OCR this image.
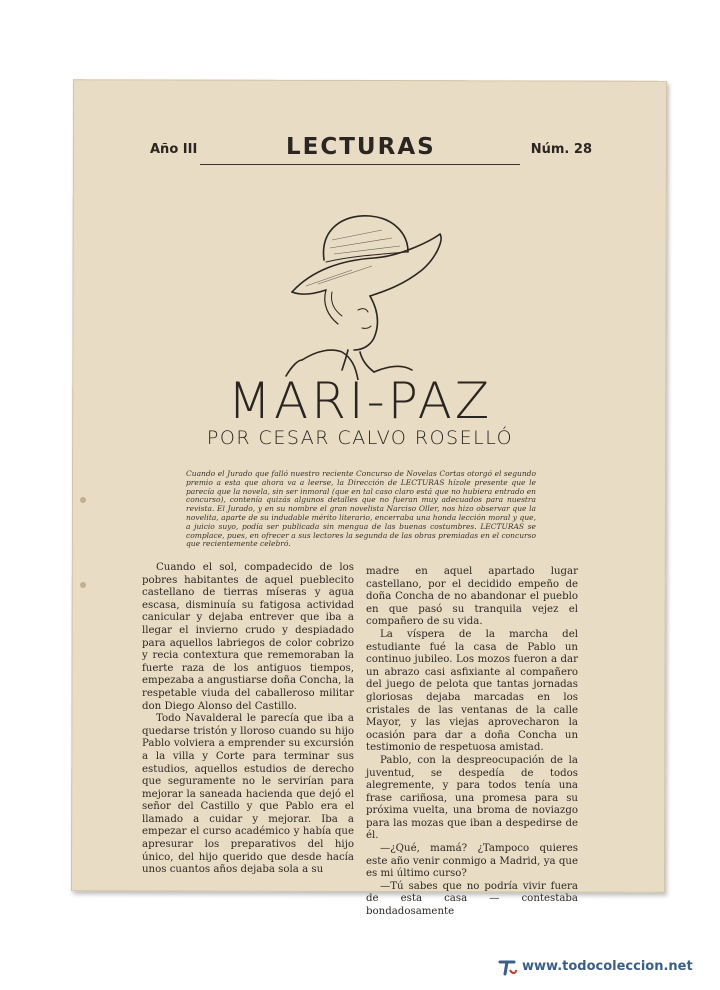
Año III	LECTURAS	Núm. 28
MARI-PAZ
POR CESAR CALVO ROSELLÓ
Cuando el Jurado que falló nuestro reciente Concurso de Novelas Cortas otorgó el segundo premio a esta que ahora va a leerse, la Dirección de LECTURAS hízole presente que le parecía que la novela, sin ser inmoral (que en tal caso claro está que no hubiera entrado en concurso), contenía quizás algunos detalles que no fueran muy adecuados para nuestra revista. El Jurado, y en su nombre el gran novelista Narciso Oller, nos hizo observar que la novelita, aparte de su indudable mérito literario, encerraba una honda lección moral y que, a juicio suyo, podía ser publicada sin mengua de las buenas costumbres. LECTURAS se complace, pues, en ofrecer a sus lectores la segunda de las obras premiadas en el concurso que recientemente celebró.

Cuando el sol, compadecido de los pobres habitantes de aquel pueblecito castellano de tierras míseras y agua escasa, disminuía su fatigosa actividad canicular y dejaba entrever que iba a llegar el invierno crudo y despiadado para aquellos labriegos de color cobrizo y recia contextura que rememoraban la fuerte raza de los antiguos tiempos, empezaba a angustiarse doña Concha, la respetable viuda del caballeroso militar don Diego Alonso del Castillo.

Todo Navalderal le parecía que iba a quedarse tristón y lloroso cuando su hijo Pablo volviera a emprender su excursión a la villa y Corte para terminar sus estudios, aquellos estudios de derecho que seguramente no le servirían para mejorar la saneada hacienda que dejó el señor del Castillo y que Pablo era el llamado a cuidar y mejorar. Iba a empezar el curso académico y había que apresurar los preparativos del hijo único, del hijo querido que desde hacía unos cuantos años dejaba sola a su

madre en aquel apartado lugar castellano, por el decidido empeño de doña Concha de no abandonar el pueblo en que pasó su tranquila vejez el compañero de su vida.

La víspera de la marcha del estudiante fué la casa de Pablo un continuo jubileo. Los mozos fueron a dar un abrazo casi asfixiante al compañero del juego de pelota que tantas jornadas gloriosas dejaba marcadas en los cristales de las ventanas de la calle Mayor, y las viejas aprovecharon la ocasión para dar a doña Concha un testimonio de respetuosa amistad.

Pablo, con la despreocupación de la juventud, se despedía de todos alegremente, y para todos tenía una frase cariñosa, una promesa para su próxima vuelta, una broma de noviazgo para las mozas que iban a despedirse de él.

—¿Qué, mamá? ¿Tampoco quieres este año venir conmigo a Madrid, ya que es mi último curso?

—Tú sabes que no podría vivir fuera de esta casa — contestaba bondadosamente

www.todocoleccion.net
